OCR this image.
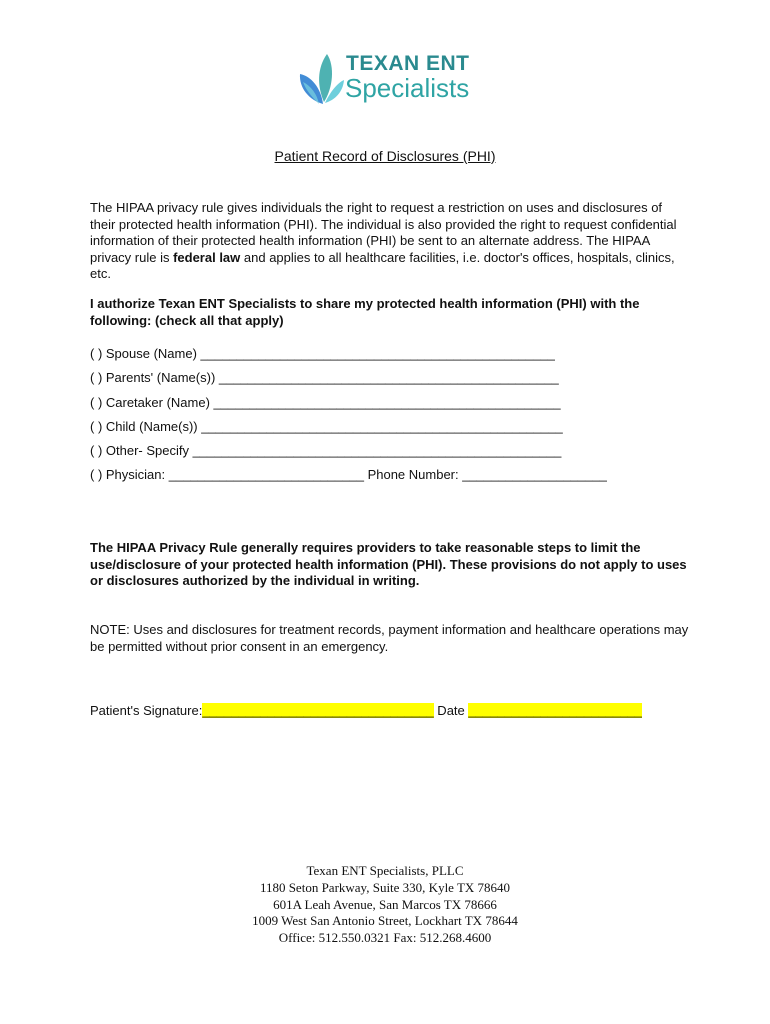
TEXAN ENT
Specialists
Patient Record of Disclosures (PHI)
The HIPAA privacy rule gives individuals the right to request a restriction on uses and disclosures of their protected health information (PHI). The individual is also provided the right to request confidential information of their protected health information (PHI) be sent to an alternate address. The HIPAA privacy rule is federal law and applies to all healthcare facilities, i.e. doctor's offices, hospitals, clinics, etc.
I authorize Texan ENT Specialists to share my protected health information (PHI) with the following: (check all that apply)
( ) Spouse (Name) _________________________________________________
( ) Parents' (Name(s)) _______________________________________________
( ) Caretaker (Name) ________________________________________________
( ) Child (Name(s)) __________________________________________________
( ) Other- Specify ___________________________________________________
( ) Physician: ___________________________ Phone Number: ____________________
The HIPAA Privacy Rule generally requires providers to take reasonable steps to limit the use/disclosure of your protected health information (PHI). These provisions do not apply to uses or disclosures authorized by the individual in writing.
NOTE: Uses and disclosures for treatment records, payment information and healthcare operations may be permitted without prior consent in an emergency.
Patient's Signature:________________________________ Date ________________________
Texan ENT Specialists, PLLC
1180 Seton Parkway, Suite 330, Kyle TX 78640
601A Leah Avenue, San Marcos TX 78666
1009 West San Antonio Street, Lockhart TX 78644
Office: 512.550.0321 Fax: 512.268.4600
